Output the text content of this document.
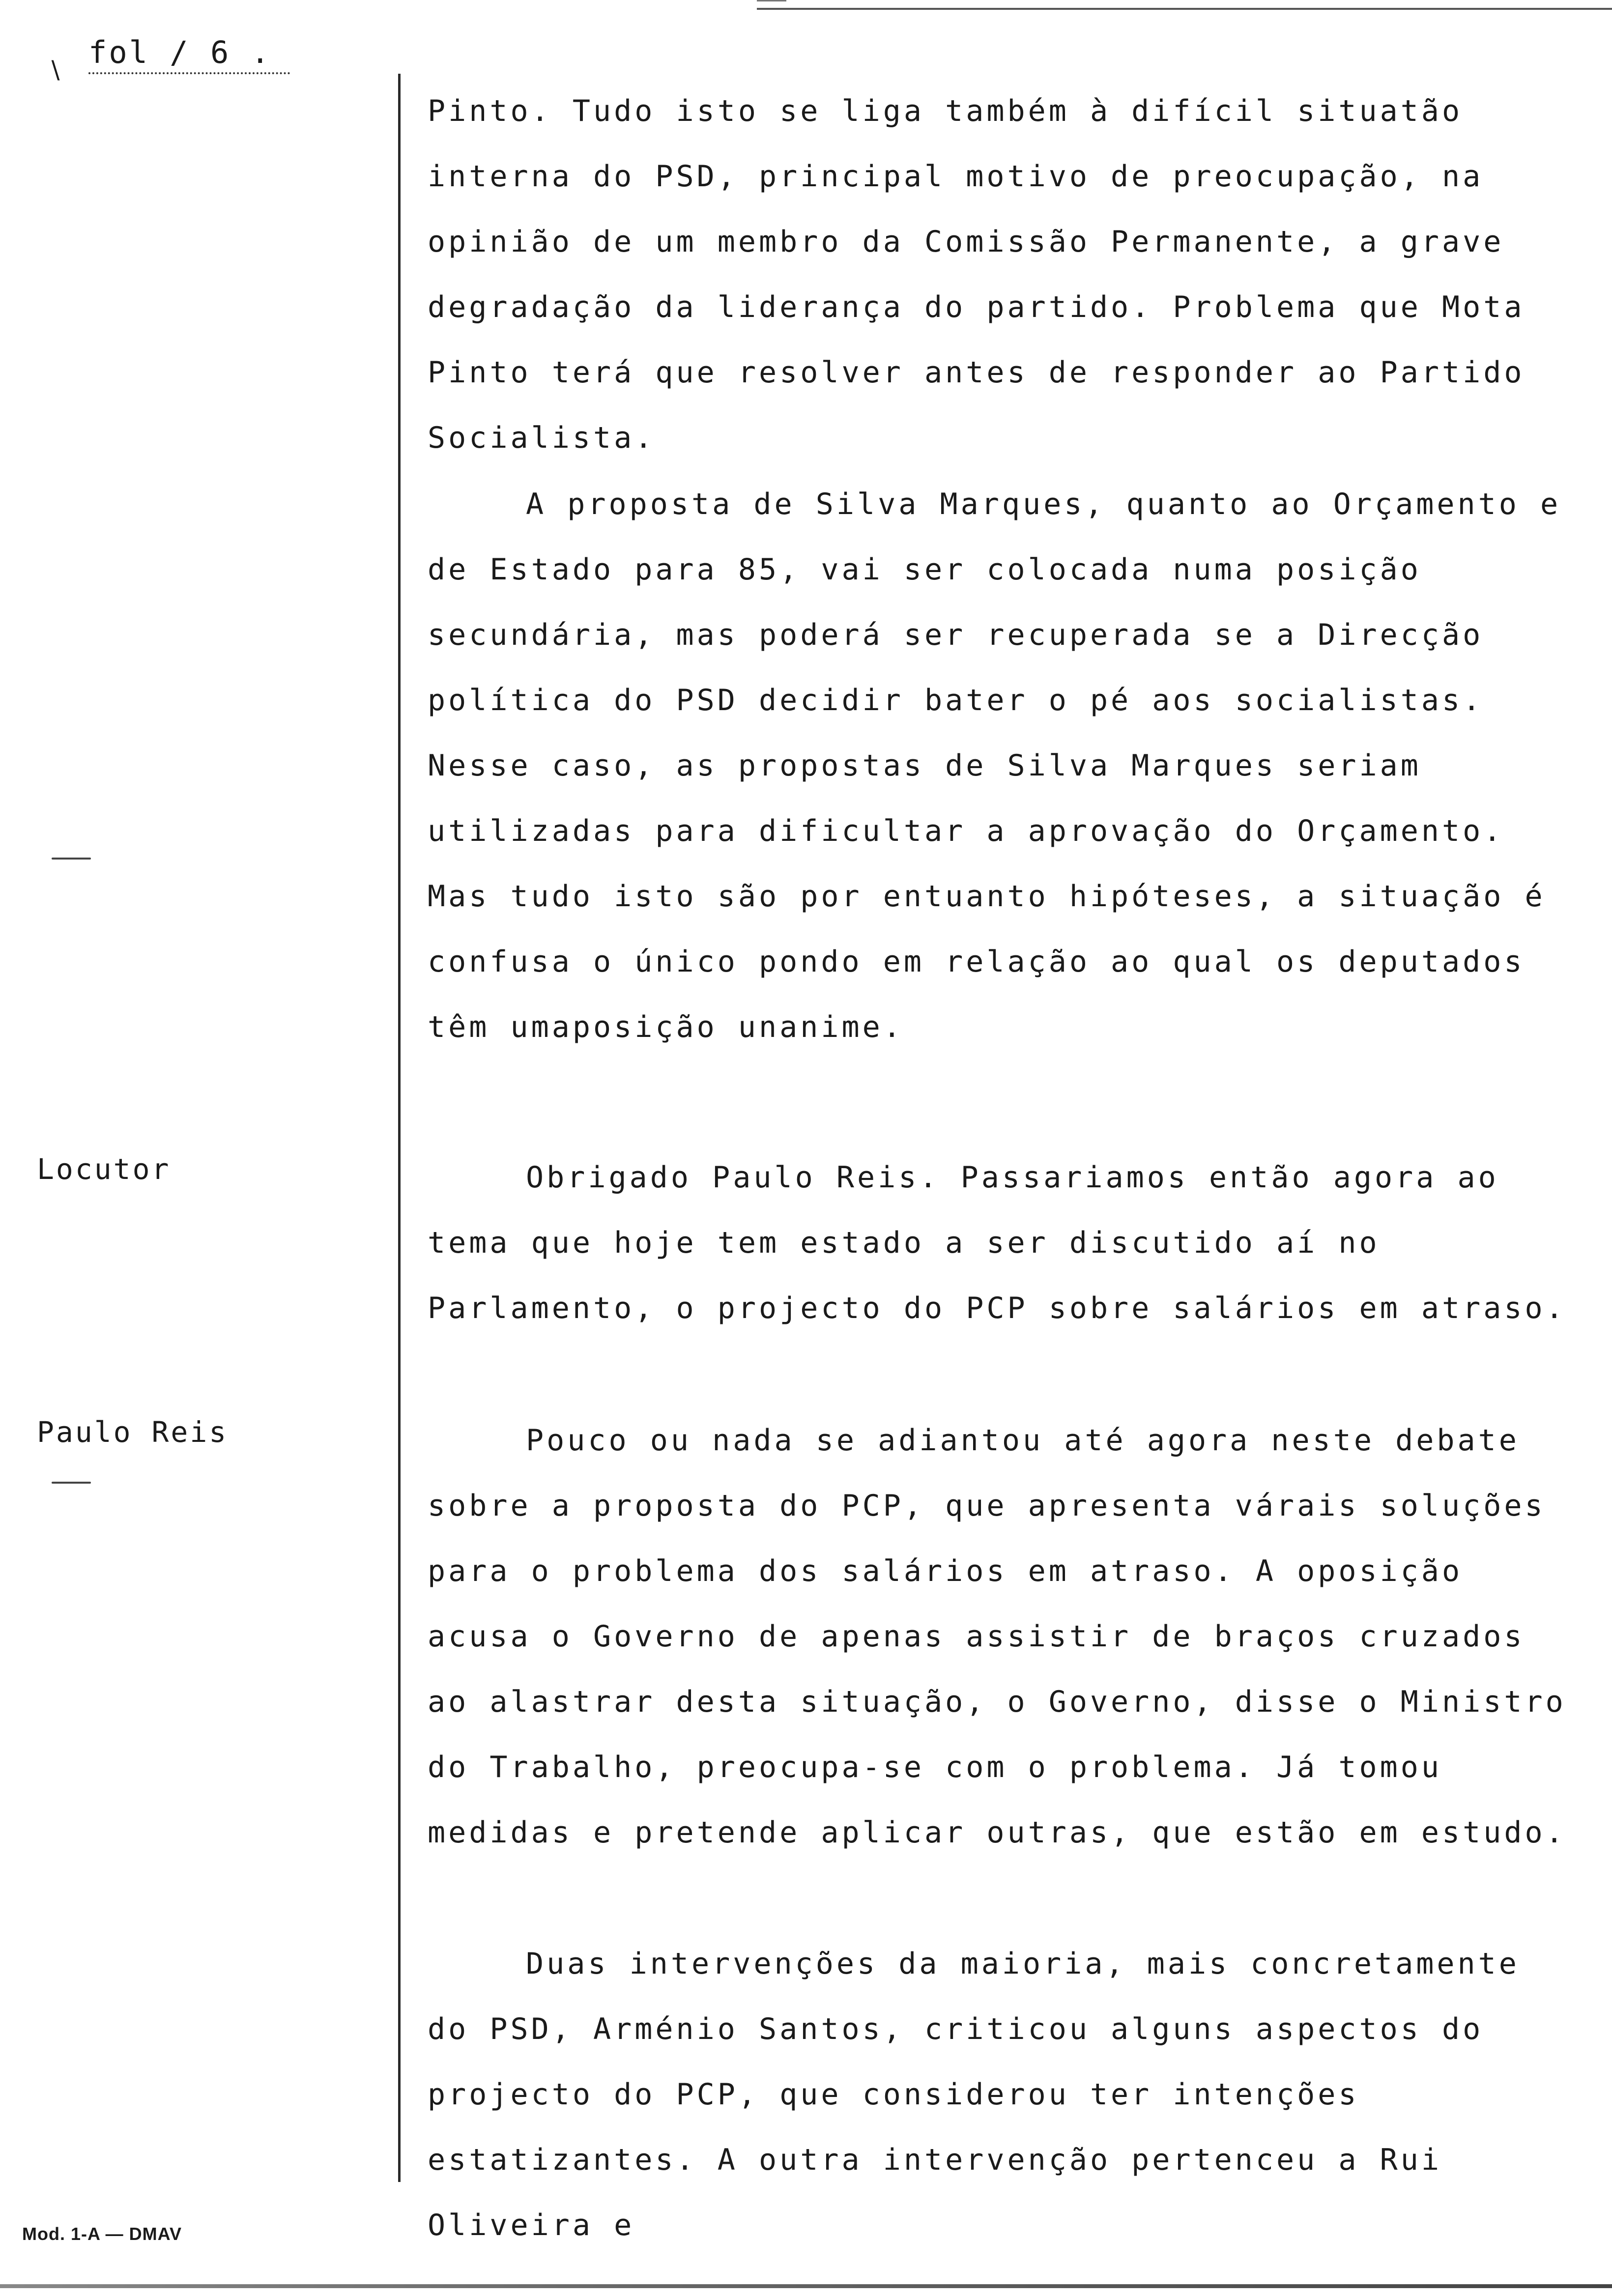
∖
fol / 6 .
Locutor
Paulo Reis

Pinto. Tudo isto se liga também à difícil situatão interna do PSD, principal motivo de preocupação, na opinião de um membro da Comissão Permanente, a grave degradação da liderança do partido. Problema que Mota Pinto terá que resolver antes de responder ao Partido Socialista.

A proposta de Silva Marques, quanto ao Orçamento e de Estado para 85, vai ser colocada numa posição secundária, mas poderá ser recuperada se a Direcção política do PSD decidir bater o pé aos socialistas. Nesse caso, as propostas de Silva Marques seriam utilizadas para dificultar a aprovação do Orçamento. Mas tudo isto são por entuanto hipóteses, a situação é confusa o único pondo em relação ao qual os deputados têm umaposição unanime.

Obrigado Paulo Reis. Passariamos então agora ao tema que hoje tem estado a ser discutido aí no Parlamento, o projecto do PCP sobre salários em atraso.

Pouco ou nada se adiantou até agora neste debate sobre a proposta do PCP, que apresenta várais soluções para o problema dos salários em atraso. A oposição acusa o Governo de apenas assistir de braços cruzados ao alastrar desta situação, o Governo, disse o Ministro do Trabalho, preocupa-se com o problema. Já tomou medidas e pretende aplicar outras, que estão em estudo.

Duas intervenções da maioria, mais concretamente do PSD, Arménio Santos, criticou alguns aspectos do projecto do PCP, que considerou ter intenções estatizantes. A outra intervenção pertenceu a Rui Oliveira e

Mod. 1-A — DMAV
